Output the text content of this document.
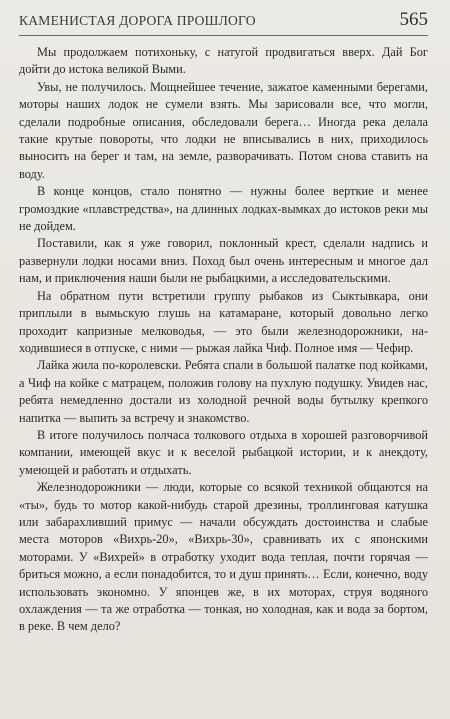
КАМЕНИСТАЯ ДОРОГА ПРОШЛОГО	565

Мы продолжаем потихоньку, с натугой продвигаться вверх. Дай Бог дойти до истока великой Выми.

Увы, не получилось. Мощнейшее течение, зажатое каменными берегами, моторы наших лодок не сумели взять. Мы зарисовали все, что могли, сделали подробные описания, обследовали берега… Иногда река делала такие крутые повороты, что лодки не вписывались в них, приходилось выносить на берег и там, на земле, разворачивать. Потом снова ставить на воду.

В конце концов, стало понятно — нужны более верткие и менее громоздкие «плавстредства», на длинных лодках-вымках до истоков реки мы не дойдем.

Поставили, как я уже говорил, поклонный крест, сделали надпись и развернули лодки носами вниз. Поход был очень интересным и многое дал нам, и приключения наши были не рыбацкими, а исследовательскими.

На обратном пути встретили группу рыбаков из Сыктывкара, они приплыли в вымьскую глушь на катамаране, который довольно легко проходит капризные мелководья, — это были железнодорожники, находившиеся в отпуске, с ними — рыжая лайка Чиф. Полное имя — Чефир.

Лайка жила по-королевски. Ребята спали в большой палатке под койками, а Чиф на койке с матрацем, положив голову на пухлую подушку. Увидев нас, ребята немедленно достали из холодной речной воды бутылку крепкого напитка — выпить за встречу и знакомство.

В итоге получилось полчаса толкового отдыха в хорошей разговорчивой компании, имеющей вкус и к веселой рыбацкой истории, и к анекдоту, умеющей и работать и отдыхать.

Железнодорожники — люди, которые со всякой техникой общаются на «ты», будь то мотор какой-нибудь старой дрезины, троллинговая катушка или забарахливший примус — начали обсуждать достоинства и слабые места моторов «Вихрь-20», «Вихрь-30», сравнивать их с японскими моторами. У «Вихрей» в отработку уходит вода теплая, почти горячая — бриться можно, а если понадобится, то и душ принять… Если, конечно, воду использовать экономно. У японцев же, в их моторах, струя водяного охлаждения — та же отработка — тонкая, но холодная, как и вода за бортом, в реке. В чем дело?
